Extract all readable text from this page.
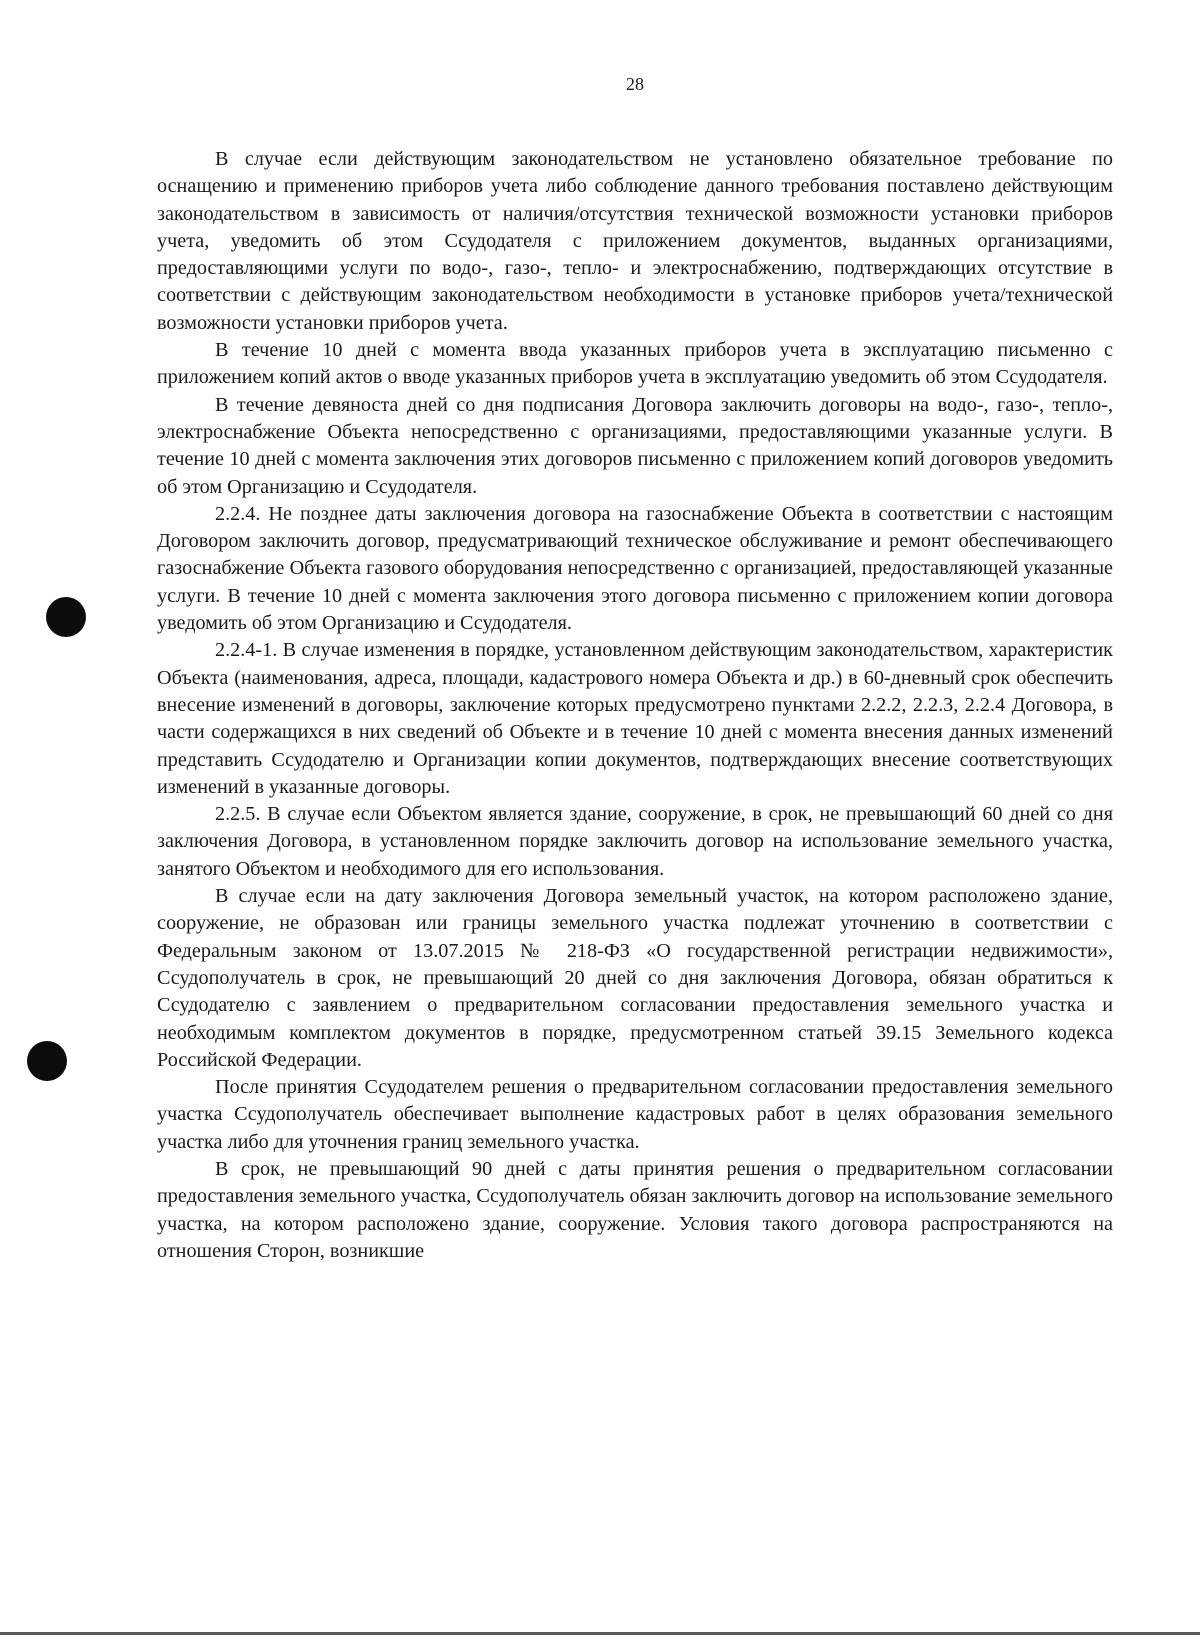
28

В случае если действующим законодательством не установлено обязательное требование по оснащению и применению приборов учета либо соблюдение данного требования поставлено действующим законодательством в зависимость от наличия/отсутствия технической возможности установки приборов учета, уведомить об этом Ссудодателя с приложением документов, выданных организациями, предоставляющими услуги по водо-, газо-, тепло- и электроснабжению, подтверждающих отсутствие в соответствии с действующим законодательством необходимости в установке приборов учета/технической возможности установки приборов учета.

В течение 10 дней с момента ввода указанных приборов учета в эксплуатацию письменно с приложением копий актов о вводе указанных приборов учета в эксплуатацию уведомить об этом Ссудодателя.

В течение девяноста дней со дня подписания Договора заключить договоры на водо-, газо-, тепло-, электроснабжение Объекта непосредственно с организациями, предоставляющими указанные услуги. В течение 10 дней с момента заключения этих договоров письменно с приложением копий договоров уведомить об этом Организацию и Ссудодателя.

2.2.4. Не позднее даты заключения договора на газоснабжение Объекта в соответствии с настоящим Договором заключить договор, предусматривающий техническое обслуживание и ремонт обеспечивающего газоснабжение Объекта газового оборудования непосредственно с организацией, предоставляющей указанные услуги. В течение 10 дней с момента заключения этого договора письменно с приложением копии договора уведомить об этом Организацию и Ссудодателя.

2.2.4-1. В случае изменения в порядке, установленном действующим законодательством, характеристик Объекта (наименования, адреса, площади, кадастрового номера Объекта и др.) в 60-дневный срок обеспечить внесение изменений в договоры, заключение которых предусмотрено пунктами 2.2.2, 2.2.3, 2.2.4 Договора, в части содержащихся в них сведений об Объекте и в течение 10 дней с момента внесения данных изменений представить Ссудодателю и Организации копии документов, подтверждающих внесение соответствующих изменений в указанные договоры.

2.2.5. В случае если Объектом является здание, сооружение, в срок, не превышающий 60 дней со дня заключения Договора, в установленном порядке заключить договор на использование земельного участка, занятого Объектом и необходимого для его использования.

В случае если на дату заключения Договора земельный участок, на котором расположено здание, сооружение, не образован или границы земельного участка подлежат уточнению в соответствии с Федеральным законом от 13.07.2015 № 218-ФЗ «О государственной регистрации недвижимости», Ссудополучатель в срок, не превышающий 20 дней со дня заключения Договора, обязан обратиться к Ссудодателю с заявлением о предварительном согласовании предоставления земельного участка и необходимым комплектом документов в порядке, предусмотренном статьей 39.15 Земельного кодекса Российской Федерации.

После принятия Ссудодателем решения о предварительном согласовании предоставления земельного участка Ссудополучатель обеспечивает выполнение кадастровых работ в целях образования земельного участка либо для уточнения границ земельного участка.

В срок, не превышающий 90 дней с даты принятия решения о предварительном согласовании предоставления земельного участка, Ссудополучатель обязан заключить договор на использование земельного участка, на котором расположено здание, сооружение. Условия такого договора распространяются на отношения Сторон, возникшие
